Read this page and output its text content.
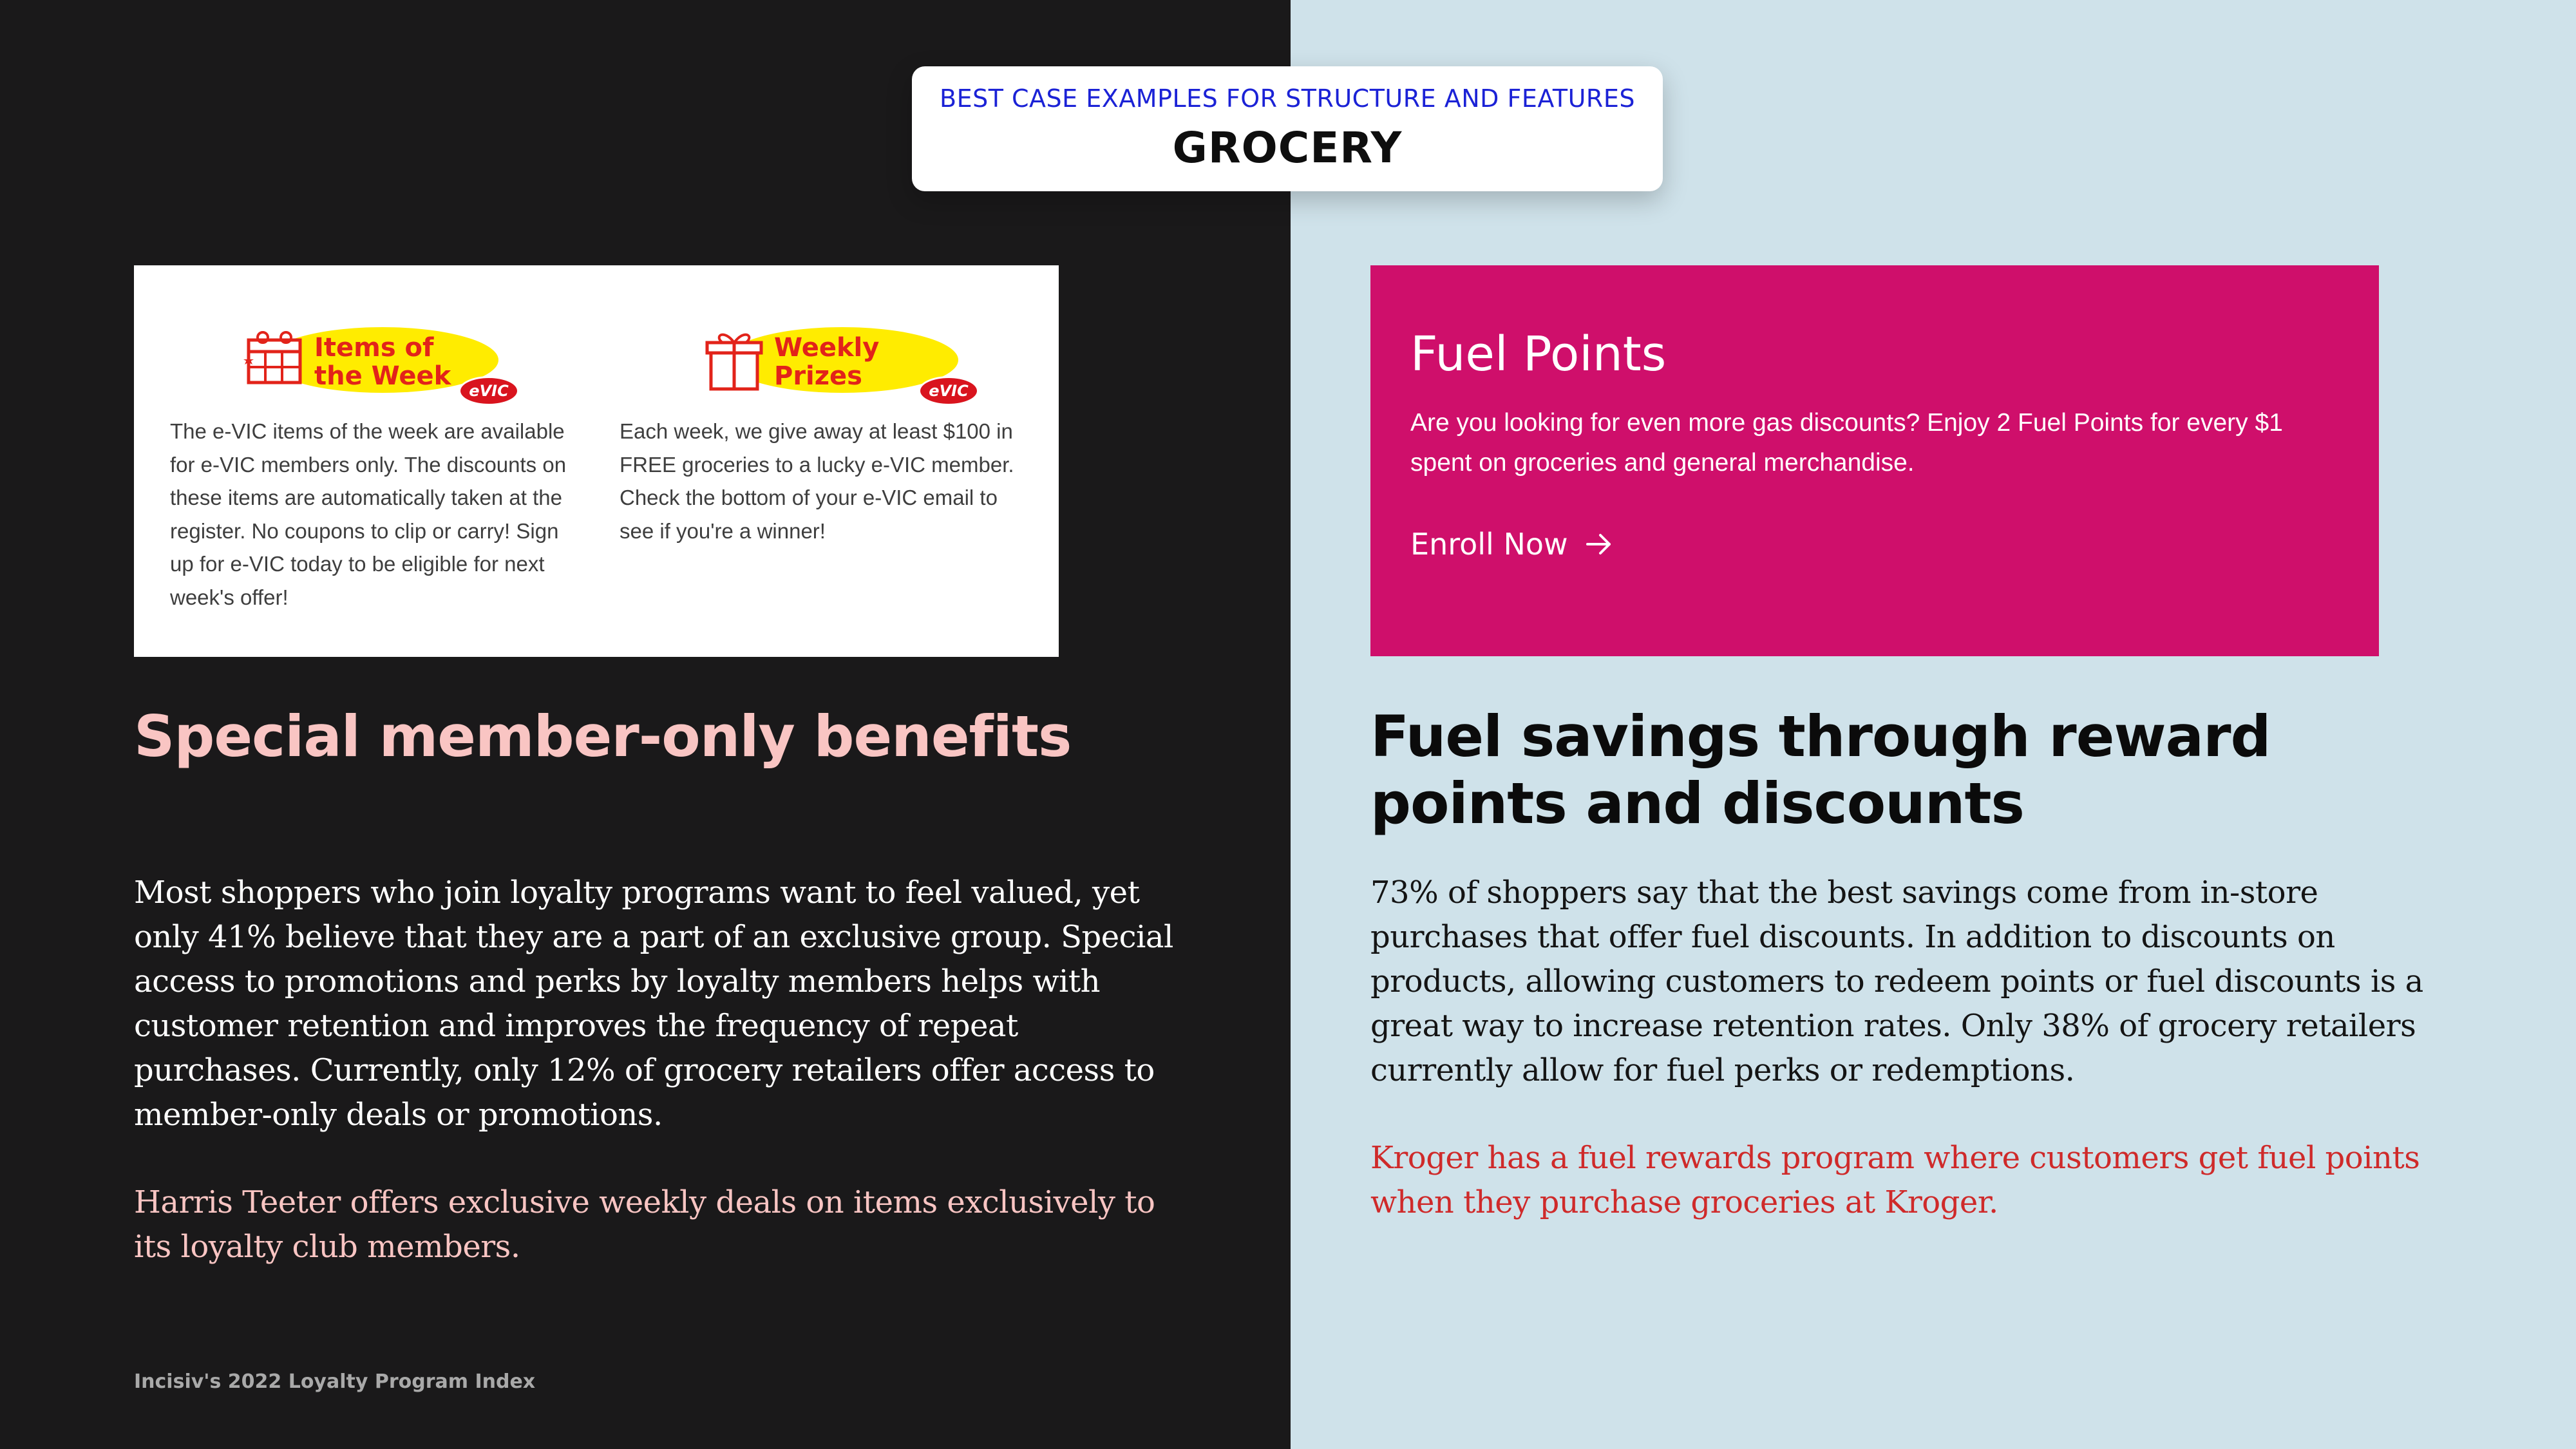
BEST CASE EXAMPLES FOR STRUCTURE AND FEATURES
GROCERY
Items of
the Week	eVIC
The e-VIC items of the week are available for e-VIC members only. The discounts on these items are automatically taken at the register. No coupons to clip or carry! Sign up for e-VIC today to be eligible for next week's offer!
Weekly
Prizes	eVIC
Each week, we give away at least $100 in FREE groceries to a lucky e-VIC member. Check the bottom of your e-VIC email to see if you're a winner!
Fuel Points
Are you looking for even more gas discounts? Enjoy 2 Fuel Points for every $1 spent on groceries and general merchandise.
Enroll Now
Special member-only benefits
Most shoppers who join loyalty programs want to feel valued, yet only 41% believe that they are a part of an exclusive group. Special access to promotions and perks by loyalty members helps with customer retention and improves the frequency of repeat purchases. Currently, only 12% of grocery retailers offer access to member-only deals or promotions.
Harris Teeter offers exclusive weekly deals on items exclusively to its loyalty club members.
Fuel savings through reward points and discounts
73% of shoppers say that the best savings come from in-store purchases that offer fuel discounts. In addition to discounts on products, allowing customers to redeem points or fuel discounts is a great way to increase retention rates. Only 38% of grocery retailers currently allow for fuel perks or redemptions.
Kroger has a fuel rewards program where customers get fuel points when they purchase groceries at Kroger.
Incisiv's 2022 Loyalty Program Index
